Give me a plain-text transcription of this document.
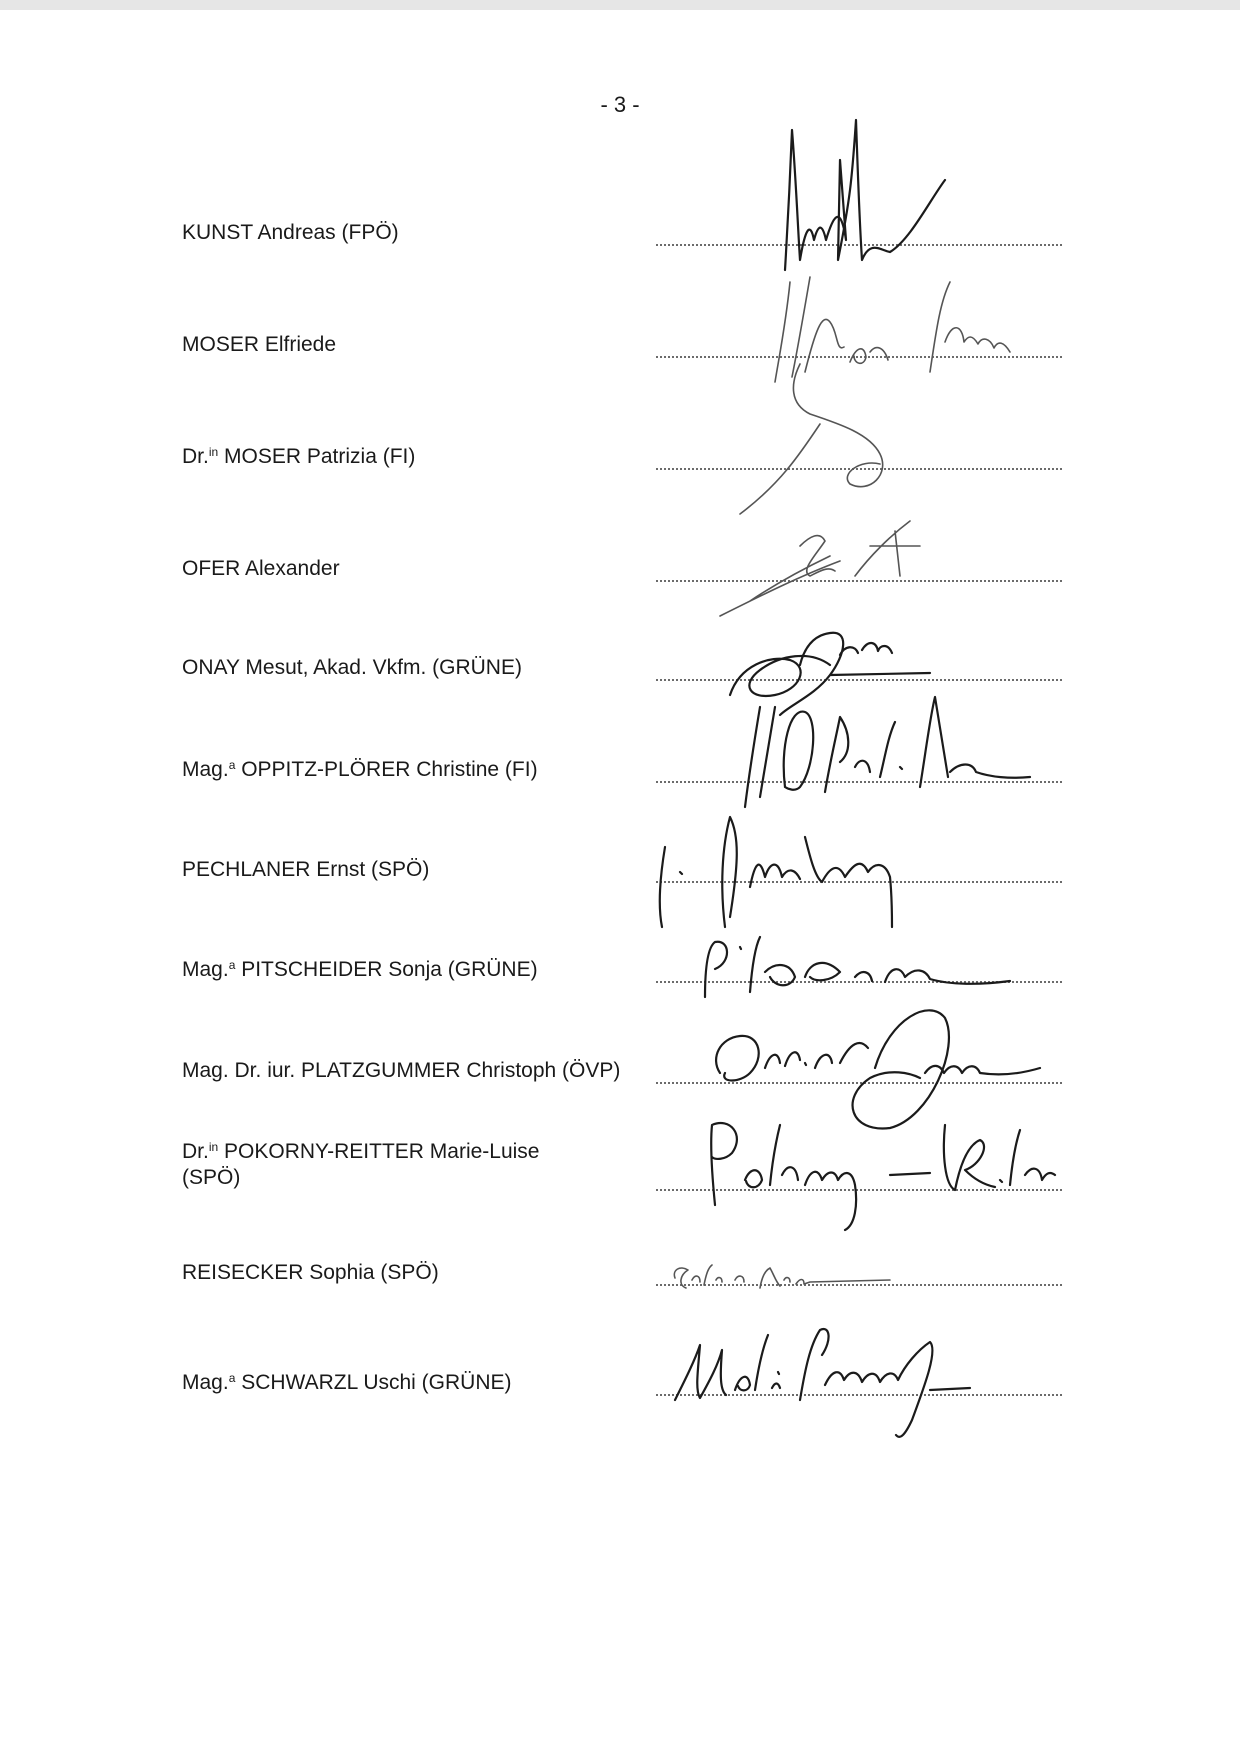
- 3 -
KUNST Andreas (FPÖ)
MOSER Elfriede
Dr.$^{in}$ MOSER Patrizia (FI)
OFER Alexander
ONAY Mesut, Akad. Vkfm. (GRÜNE)
Mag.$^a$ OPPITZ-PLÖRER Christine (FI)
PECHLANER Ernst (SPÖ)
Mag.$^a$ PITSCHEIDER Sonja (GRÜNE)
Mag. Dr. iur. PLATZGUMMER Christoph (ÖVP)
Dr.$^{in}$ POKORNY-REITTER Marie-Luise
(SPÖ)
REISECKER Sophia (SPÖ)
Mag.$^a$ SCHWARZL Uschi (GRÜNE)
